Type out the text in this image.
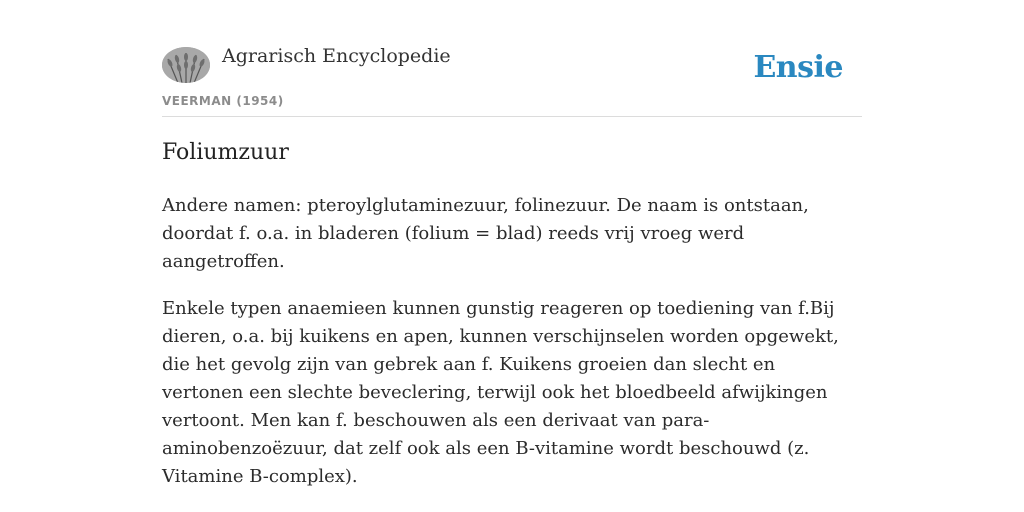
Agrarisch Encyclopedie
VEERMAN (1954)
Ensie
Foliumzuur

Andere namen: pteroylglutaminezuur, folinezuur. De naam is ontstaan, doordat f. o.a. in bladeren (folium = blad) reeds vrij vroeg werd aangetroffen.

Enkele typen anaemieen kunnen gunstig reageren op toediening van f.Bij dieren, o.a. bij kuikens en apen, kunnen verschijnselen worden opgewekt, die het gevolg zijn van gebrek aan f. Kuikens groeien dan slecht en vertonen een slechte beveclering, terwijl ook het bloedbeeld afwijkingen vertoont. Men kan f. beschouwen als een derivaat van para-aminobenzoëzuur, dat zelf ook als een B-vitamine wordt beschouwd (z. Vitamine B-complex).
